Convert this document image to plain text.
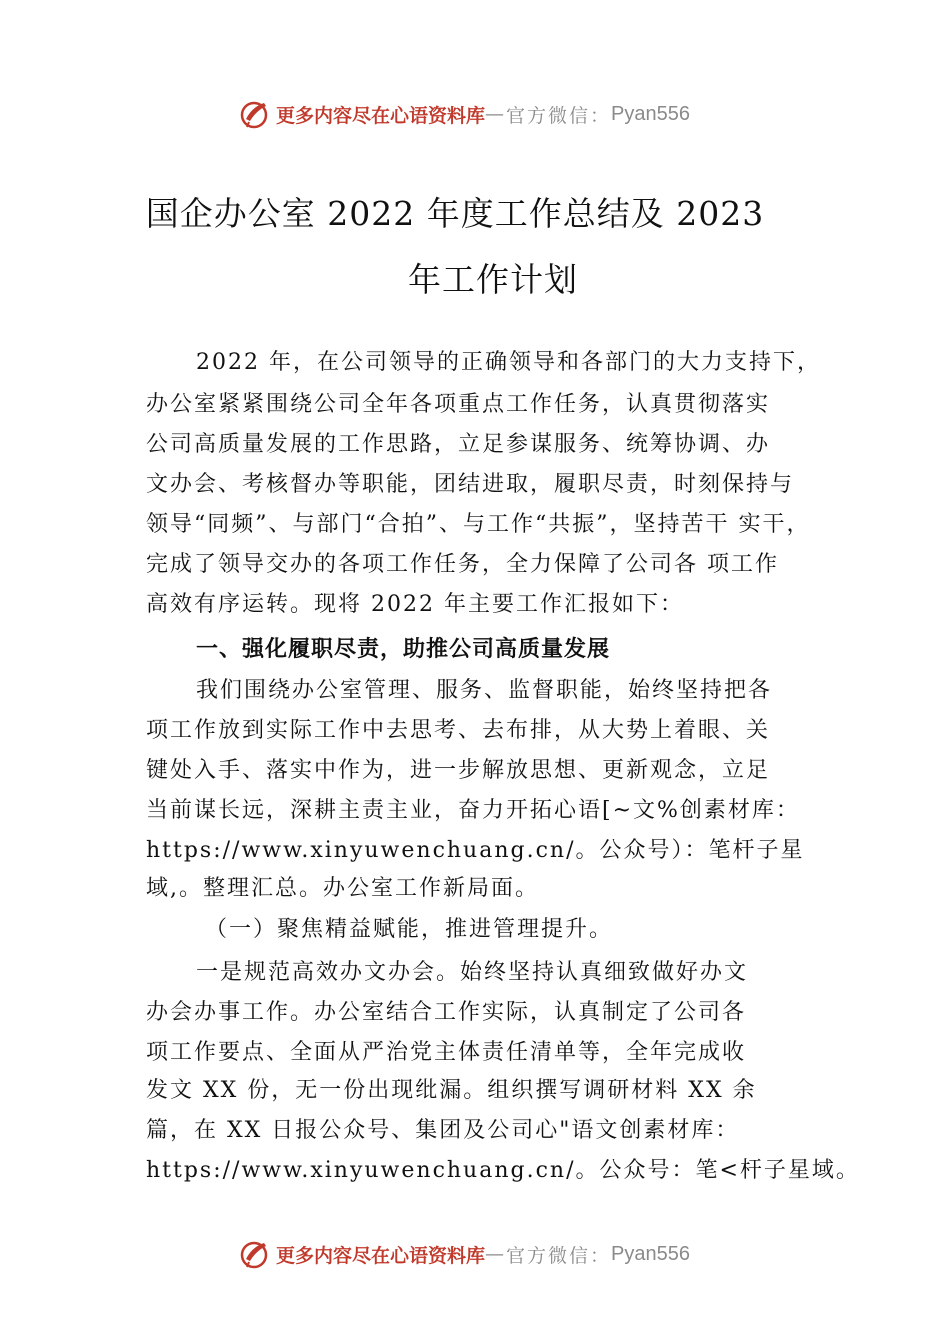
更多内容尽在心语资料库 — 官方微信： Pyan556
国企办公室 2022 年度工作总结及 2023
年工作计划
2022 年，在公司领导的正确领导和各部门的大力支持下，
办公室紧紧围绕公司全年各项重点工作任务，认真贯彻落实
公司高质量发展的工作思路，立足参谋服务、统筹协调、办
文办会、考核督办等职能，团结进取，履职尽责，时刻保持与
领导“同频”、与部门“合拍”、与工作“共振”，坚持苦干 实干，
完成了领导交办的各项工作任务，全力保障了公司各 项工作
高效有序运转。现将 2022 年主要工作汇报如下：
一、强化履职尽责，助推公司高质量发展
我们围绕办公室管理、服务、监督职能，始终坚持把各
项工作放到实际工作中去思考、去布排，从大势上着眼、关
键处入手、落实中作为，进一步解放思想、更新观念，立足
当前谋长远，深耕主责主业，奋力开拓心语[~文%创素材库：
https://www.xinyuwenchuang.cn/。公众号）：笔杆子星
域,。整理汇总。办公室工作新局面。
（一）聚焦精益赋能，推进管理提升。
一是规范高效办文办会。始终坚持认真细致做好办文
办会办事工作。办公室结合工作实际，认真制定了公司各
项工作要点、全面从严治党主体责任清单等，全年完成收
发文 XX 份，无一份出现纰漏。组织撰写调研材料 XX 余
篇，在 XX 日报公众号、集团及公司心"语文创素材库：
https://www.xinyuwenchuang.cn/。公众号：笔<杆子星域。
更多内容尽在心语资料库 — 官方微信： Pyan556
